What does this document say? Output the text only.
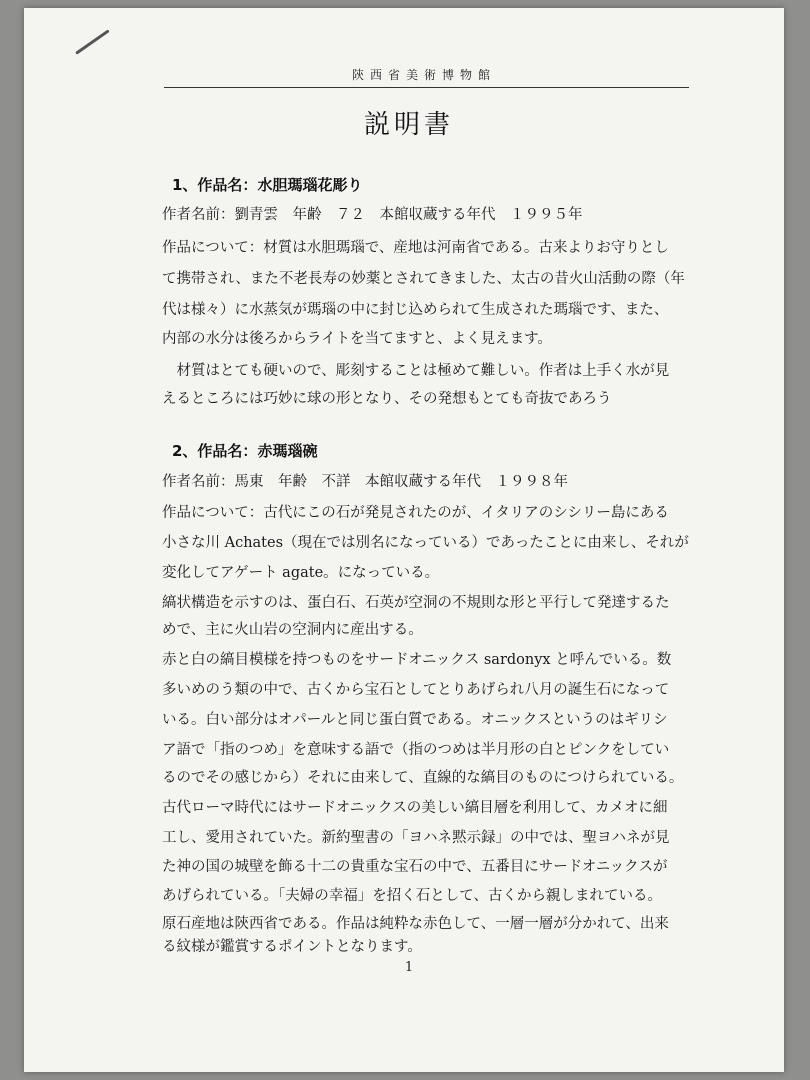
陝西省美術博物館
説明書
1、作品名：水胆瑪瑙花彫り
作者名前：劉青雲　年齢　７２　本館収蔵する年代　１９９５年
作品について：材質は水胆瑪瑙で、産地は河南省である。古来よりお守りとし
て携帯され、また不老長寿の妙薬とされてきました、太古の昔火山活動の際（年
代は様々）に水蒸気が瑪瑙の中に封じ込められて生成された瑪瑙です、また、
内部の水分は後ろからライトを当てますと、よく見えます。
　材質はとても硬いので、彫刻することは極めて難しい。作者は上手く水が見
えるところには巧妙に球の形となり、その発想もとても奇抜であろう
2、作品名：赤瑪瑙碗
作者名前：馬東　年齢　不詳　本館収蔵する年代　１９９８年
作品について：古代にこの石が発見されたのが、イタリアのシシリー島にある
小さな川 Achates（現在では別名になっている）であったことに由来し、それが
変化してアゲート agate。になっている。
縞状構造を示すのは、蛋白石、石英が空洞の不規則な形と平行して発達するた
めで、主に火山岩の空洞内に産出する。
赤と白の縞目模様を持つものをサードオニックス sardonyx と呼んでいる。数
多いめのう類の中で、古くから宝石としてとりあげられ八月の誕生石になって
いる。白い部分はオパールと同じ蛋白質である。オニックスというのはギリシ
ア語で「指のつめ」を意味する語で（指のつめは半月形の白とピンクをしてい
るのでその感じから）それに由来して、直線的な縞目のものにつけられている。
古代ローマ時代にはサードオニックスの美しい縞目層を利用して、カメオに細
工し、愛用されていた。新約聖書の「ヨハネ黙示録」の中では、聖ヨハネが見
た神の国の城壁を飾る十二の貴重な宝石の中で、五番目にサードオニックスが
あげられている。「夫婦の幸福」を招く石として、古くから親しまれている。
原石産地は陝西省である。作品は純粋な赤色して、一層一層が分かれて、出来
る紋様が鑑賞するポイントとなります。
1
